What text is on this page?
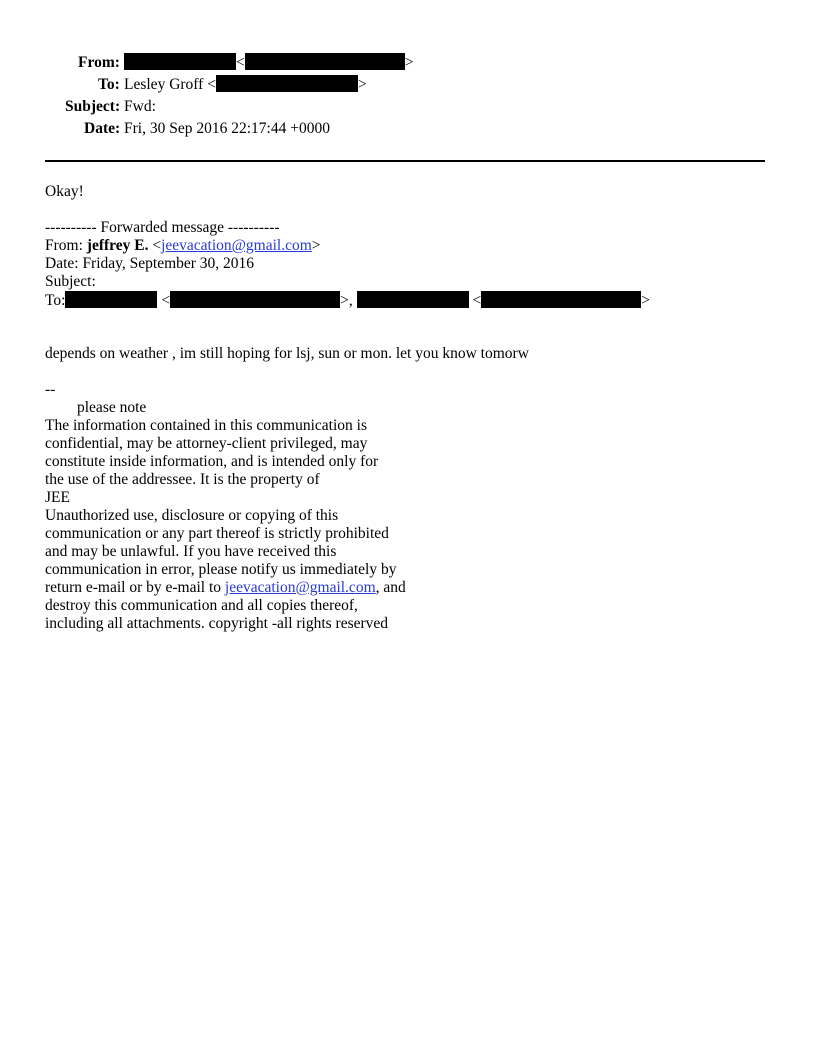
From:	<	>
To: Lesley Groff <	>
Subject: Fwd:
Date: Fri, 30 Sep 2016 22:17:44 +0000
Okay!
---------- Forwarded message ----------
From: jeffrey E. <jeevacation@gmail.com>
Date: Friday, September 30, 2016
Subject:
To:	<	>,	<	>
depends on weather , im still hoping for lsj, sun or mon. let you know tomorw
--
please note
The information contained in this communication is
confidential, may be attorney-client privileged, may
constitute inside information, and is intended only for
the use of the addressee. It is the property of
JEE
Unauthorized use, disclosure or copying of this
communication or any part thereof is strictly prohibited
and may be unlawful. If you have received this
communication in error, please notify us immediately by
return e-mail or by e-mail to jeevacation@gmail.com, and
destroy this communication and all copies thereof,
including all attachments. copyright -all rights reserved
